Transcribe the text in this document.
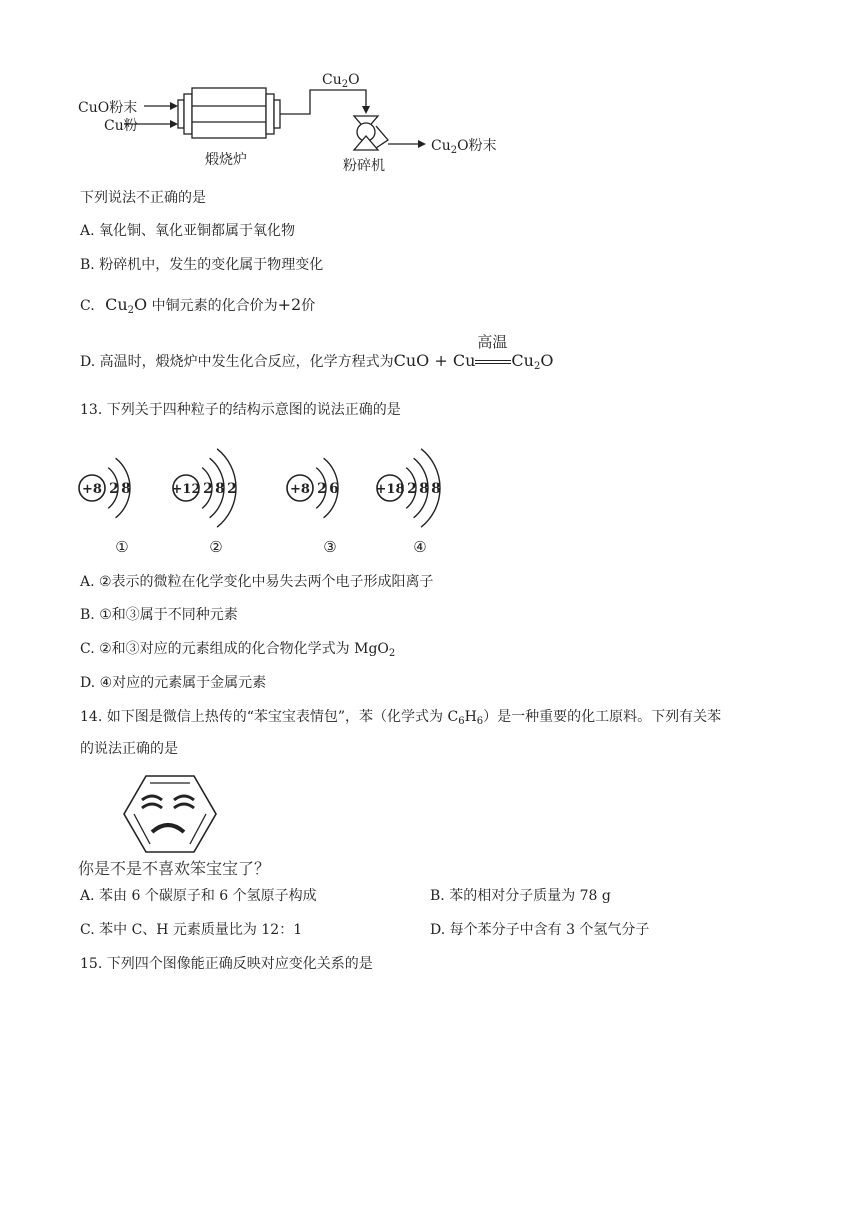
CuO粉末
Cu粉
煅烧炉
$Cu_2O$
粉碎机
$Cu_2O$粉末
下列说法不正确的是
A. 氧化铜、氧化亚铜都属于氧化物
B. 粉碎机中，发生的变化属于物理变化
C. $Cu_2O$ 中铜元素的化合价为+2价
D. 高温时，煅烧炉中发生化合反应，化学方程式为CuO + Cu
高温
$Cu_2O$
13. 下列关于四种粒子的结构示意图的说法正确的是
+8 2 8
①
+12 2 8 2
②
+8 2 6
③
+18 2 8 8
④
A. ②表示的微粒在化学变化中易失去两个电子形成阳离子
B. ①和③属于不同种元素
C. ②和③对应的元素组成的化合物化学式为 MgO$_2$
D. ④对应的元素属于金属元素
14. 如下图是微信上热传的“苯宝宝表情包”，苯（化学式为 $C_6H_6$）是一种重要的化工原料。下列有关苯
的说法正确的是
你是不是不喜欢笨宝宝了？
A. 苯由 6 个碳原子和 6 个氢原子构成	B. 苯的相对分子质量为 78 g
C. 苯中 C、H 元素质量比为 12：1	D. 每个苯分子中含有 3 个氢气分子
15. 下列四个图像能正确反映对应变化关系的是
